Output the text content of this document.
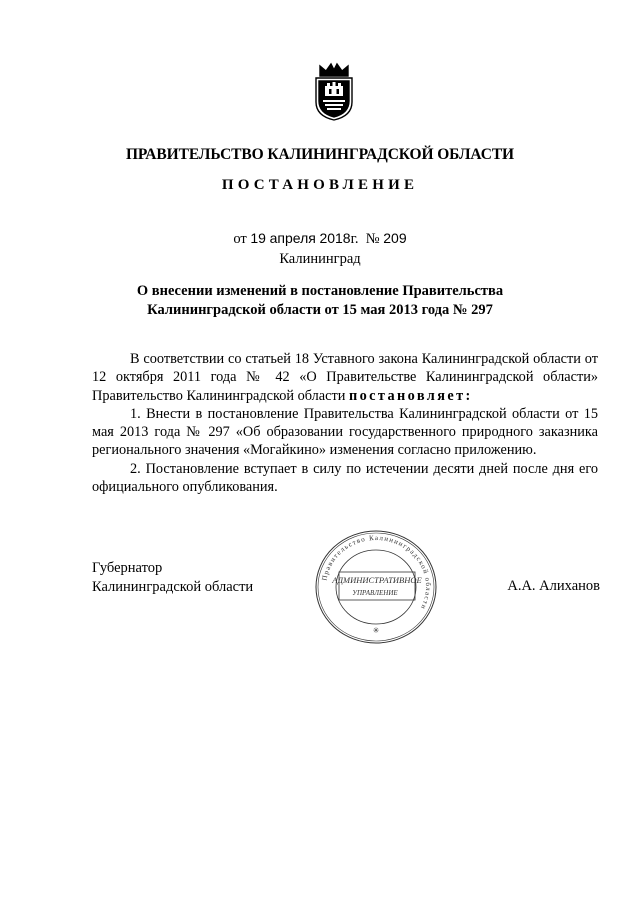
ПРАВИТЕЛЬСТВО КАЛИНИНГРАДСКОЙ ОБЛАСТИ
ПОСТАНОВЛЕНИЕ
от 19 апреля 2018г. № 209
Калининград
О внесении изменений в постановление Правительства
Калининградской области от 15 мая 2013 года № 297

В соответствии со статьей 18 Уставного закона Калининградской области от 12 октября 2011 года № 42 «О Правительстве Калининградской области» Правительство Калининградской области постановляет:

1. Внести в постановление Правительства Калининградской области от 15 мая 2013 года № 297 «Об образовании государственного природного заказника регионального значения «Могайкино» изменения согласно приложению.

2. Постановление вступает в силу по истечении десяти дней после дня его официального опубликования.

Губернатор
Калининградской области
Правительство Калининградской области
АДМИНИСТРАТИВНОЕ
УПРАВЛЕНИЕ
✳
А.А. Алиханов
